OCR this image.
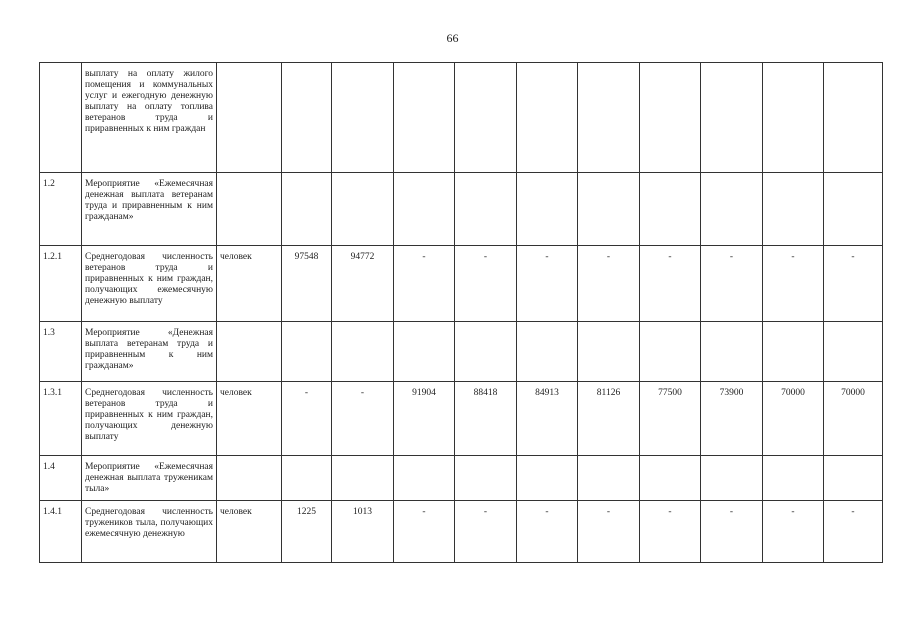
66
	выплату на оплату жилого помещения и коммунальных услуг и ежегодную денежную выплату на оплату топлива ветеранов труда и приравненных к ним граждан											
1.2	Мероприятие «Ежемесячная денежная выплата ветеранам труда и приравненным к ним гражданам»											
1.2.1	Среднегодовая численность ветеранов труда и приравненных к ним граждан, получающих ежемесячную денежную выплату	человек	97548	94772	-	-	-	-	-	-	-	-
1.3	Мероприятие «Денежная выплата ветеранам труда и приравненным к ним гражданам»											
1.3.1	Среднегодовая численность ветеранов труда и приравненных к ним граждан, получающих денежную выплату	человек	-	-	91904	88418	84913	81126	77500	73900	70000	70000
1.4	Мероприятие «Ежемесячная денежная выплата труженикам тыла»											
1.4.1	Среднегодовая численность тружеников тыла, получающих ежемесячную денежную	человек	1225	1013	-	-	-	-	-	-	-	-
